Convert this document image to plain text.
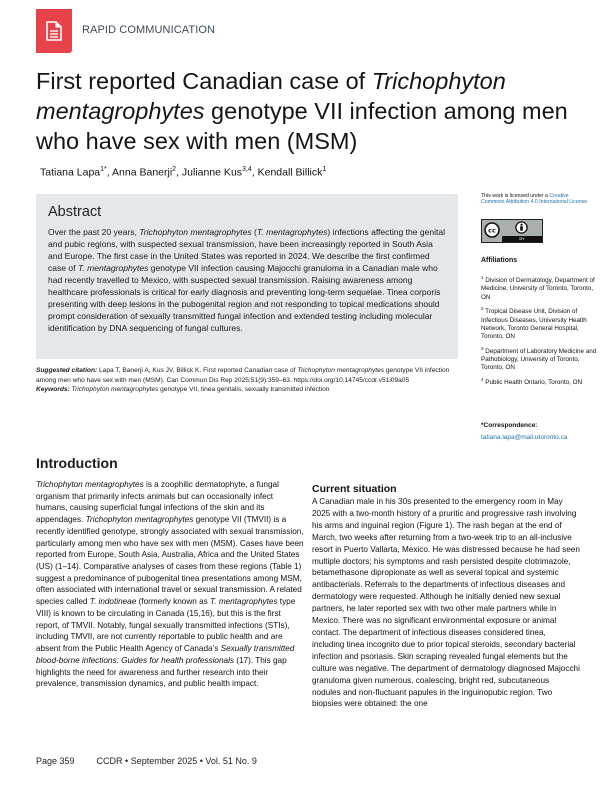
RAPID COMMUNICATION
First reported Canadian case of Trichophyton mentagrophytes genotype VII infection among men who have sex with men (MSM)
Tatiana Lapa$^{1*}$, Anna Banerji$^2$, Julianne Kus$^{3,4}$, Kendall Billick$^1$
Abstract

Over the past 20 years, Trichophyton mentagrophytes (T. mentagrophytes) infections affecting the genital and pubic regions, with suspected sexual transmission, have been increasingly reported in South Asia and Europe. The first case in the United States was reported in 2024. We describe the first confirmed case of T. mentagrophytes genotype VII infection causing Majocchi granuloma in a Canadian male who had recently travelled to Mexico, with suspected sexual transmission. Raising awareness among healthcare professionals is critical for early diagnosis and preventing long-term sequelae. Tinea corporis presenting with deep lesions in the pubogenital region and not responding to topical medications should prompt consideration of sexually transmitted fungal infection and extended testing including molecular identification by DNA sequencing of fungal cultures.

Suggested citation: Lapa T, Banerji A, Kus JV, Billick K. First reported Canadian case of Trichophyton mentagrophytes genotype VII infection among men who have sex with men (MSM). Can Commun Dis Rep 2025;51(9):359–63. https://doi.org/10.14745/ccdr.v51i09a05
Keywords: Trichophyton mentagrophytes genotype VII, tinea genitalis, sexually transmitted infection
This work is licensed under a Creative Commons Attribution 4.0 International License.
cc
BY
Affiliations
$^1$ Division of Dermatology, Department of Medicine, University of Toronto, Toronto, ON
$^2$ Tropical Disease Unit, Division of Infectious Diseases, University Health Network, Toronto General Hospital, Toronto, ON
$^3$ Department of Laboratory Medicine and Pathobiology, University of Toronto, Toronto, ON
$^4$ Public Health Ontario, Toronto, ON
*Correspondence:
tatiana.lapa@mail.utoronto.ca
Introduction

Trichophyton mentagrophytes is a zoophilic dermatophyte, a fungal organism that primarily infects animals but can occasionally infect humans, causing superficial fungal infections of the skin and its appendages. Trichophyton mentagrophytes genotype VII (TMVII) is a recently identified genotype, strongly associated with sexual transmission, particularly among men who have sex with men (MSM). Cases have been reported from Europe, South Asia, Australia, Africa and the United States (US) (1–14). Comparative analyses of cases from these regions (Table 1) suggest a predominance of pubogenital tinea presentations among MSM, often associated with international travel or sexual transmission. A related species called T. indotineae (formerly known as T. mentagrophytes type VIII) is known to be circulating in Canada (15,16), but this is the first report, of TMVII. Notably, fungal sexually transmitted infections (STIs), including TMVII, are not currently reportable to public health and are absent from the Public Health Agency of Canada’s Sexually transmitted blood-borne infections: Guides for health professionals (17). This gap highlights the need for awareness and further research into their prevalence, transmission dynamics, and public health impact.

Current situation

A Canadian male in his 30s presented to the emergency room in May 2025 with a two-month history of a pruritic and progressive rash involving his arms and inguinal region (Figure 1). The rash began at the end of March, two weeks after returning from a two-week trip to an all-inclusive resort in Puerto Vallarta, Mexico. He was distressed because he had seen multiple doctors; his symptoms and rash persisted despite clotrimazole, betamethasone dipropionate as well as several topical and systemic antibacterials. Referrals to the departments of infectious diseases and dermatology were requested. Although he initially denied new sexual partners, he later reported sex with two other male partners while in Mexico. There was no significant environmental exposure or animal contact. The department of infectious diseases considered tinea, including tinea incognito due to prior topical steroids, secondary bacterial infection and psoriasis. Skin scraping revealed fungal elements but the culture was negative. The department of dermatology diagnosed Majocchi granuloma given numerous, coalescing, bright red, subcutaneous nodules and non-fluctuant papules in the inguinopubic region. Two biopsies were obtained: the one

Page 359 CCDR • September 2025 • Vol. 51 No. 9
